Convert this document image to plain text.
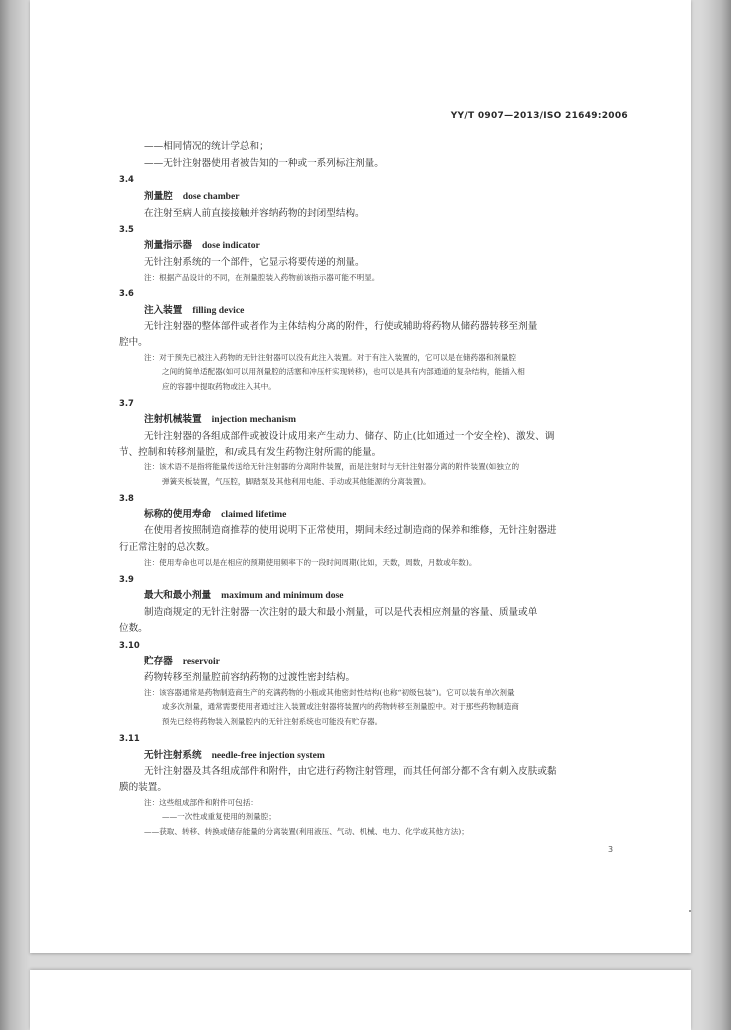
YY/T 0907—2013/ISO 21649:2006
——相同情况的统计学总和；
——无针注射器使用者被告知的一种或一系列标注剂量。
3.4
剂量腔 dose chamber
在注射至病人前直接接触并容纳药物的封闭型结构。
3.5
剂量指示器 dose indicator
无针注射系统的一个部件，它显示将要传递的剂量。
注：根据产品设计的不同，在剂量腔装入药物前该指示器可能不明显。
3.6
注入装置 filling device
无针注射器的整体部件或者作为主体结构分离的附件，行使或辅助将药物从储药器转移至剂量
腔中。
注：对于预先已被注入药物的无针注射器可以没有此注入装置。对于有注入装置的，它可以是在储药器和剂量腔
之间的简单适配器(如可以用剂量腔的活塞和冲压杆实现转移)，也可以是具有内部通道的复杂结构，能插入相
应的容器中提取药物或注入其中。
3.7
注射机械装置 injection mechanism
无针注射器的各组成部件或被设计成用来产生动力、储存、防止(比如通过一个安全栓)、激发、调
节、控制和转移剂量腔，和/或具有发生药物注射所需的能量。
注：该术语不是指将能量传送给无针注射器的分离附件装置，而是注射时与无针注射器分离的附件装置(如独立的
弹簧夹板装置，气压腔，脚踏泵及其他利用电能、手动或其他能源的分离装置)。
3.8
标称的使用寿命 claimed lifetime
在使用者按照制造商推荐的使用说明下正常使用，期间未经过制造商的保养和维修，无针注射器进
行正常注射的总次数。
注：使用寿命也可以是在相应的预期使用频率下的一段时间周期(比如，天数，周数，月数或年数)。
3.9
最大和最小剂量 maximum and minimum dose
制造商规定的无针注射器一次注射的最大和最小剂量，可以是代表相应剂量的容量、质量或单
位数。
3.10
贮存器 reservoir
药物转移至剂量腔前容纳药物的过渡性密封结构。
注：该容器通常是药物制造商生产的充满药物的小瓶或其他密封性结构(也称“初级包装”)。它可以装有单次剂量
或多次剂量，通常需要使用者通过注入装置或注射器将装置内的药物转移至剂量腔中。对于那些药物制造商
预先已经将药物装入剂量腔内的无针注射系统也可能没有贮存器。
3.11
无针注射系统 needle-free injection system
无针注射器及其各组成部件和附件，由它进行药物注射管理，而其任何部分都不含有刺入皮肤或黏
膜的装置。
注：这些组成部件和附件可包括：
——一次性或重复使用的剂量腔；
——获取、转移、转换或储存能量的分离装置(利用液压、气动、机械、电力、化学或其他方法)；
3
